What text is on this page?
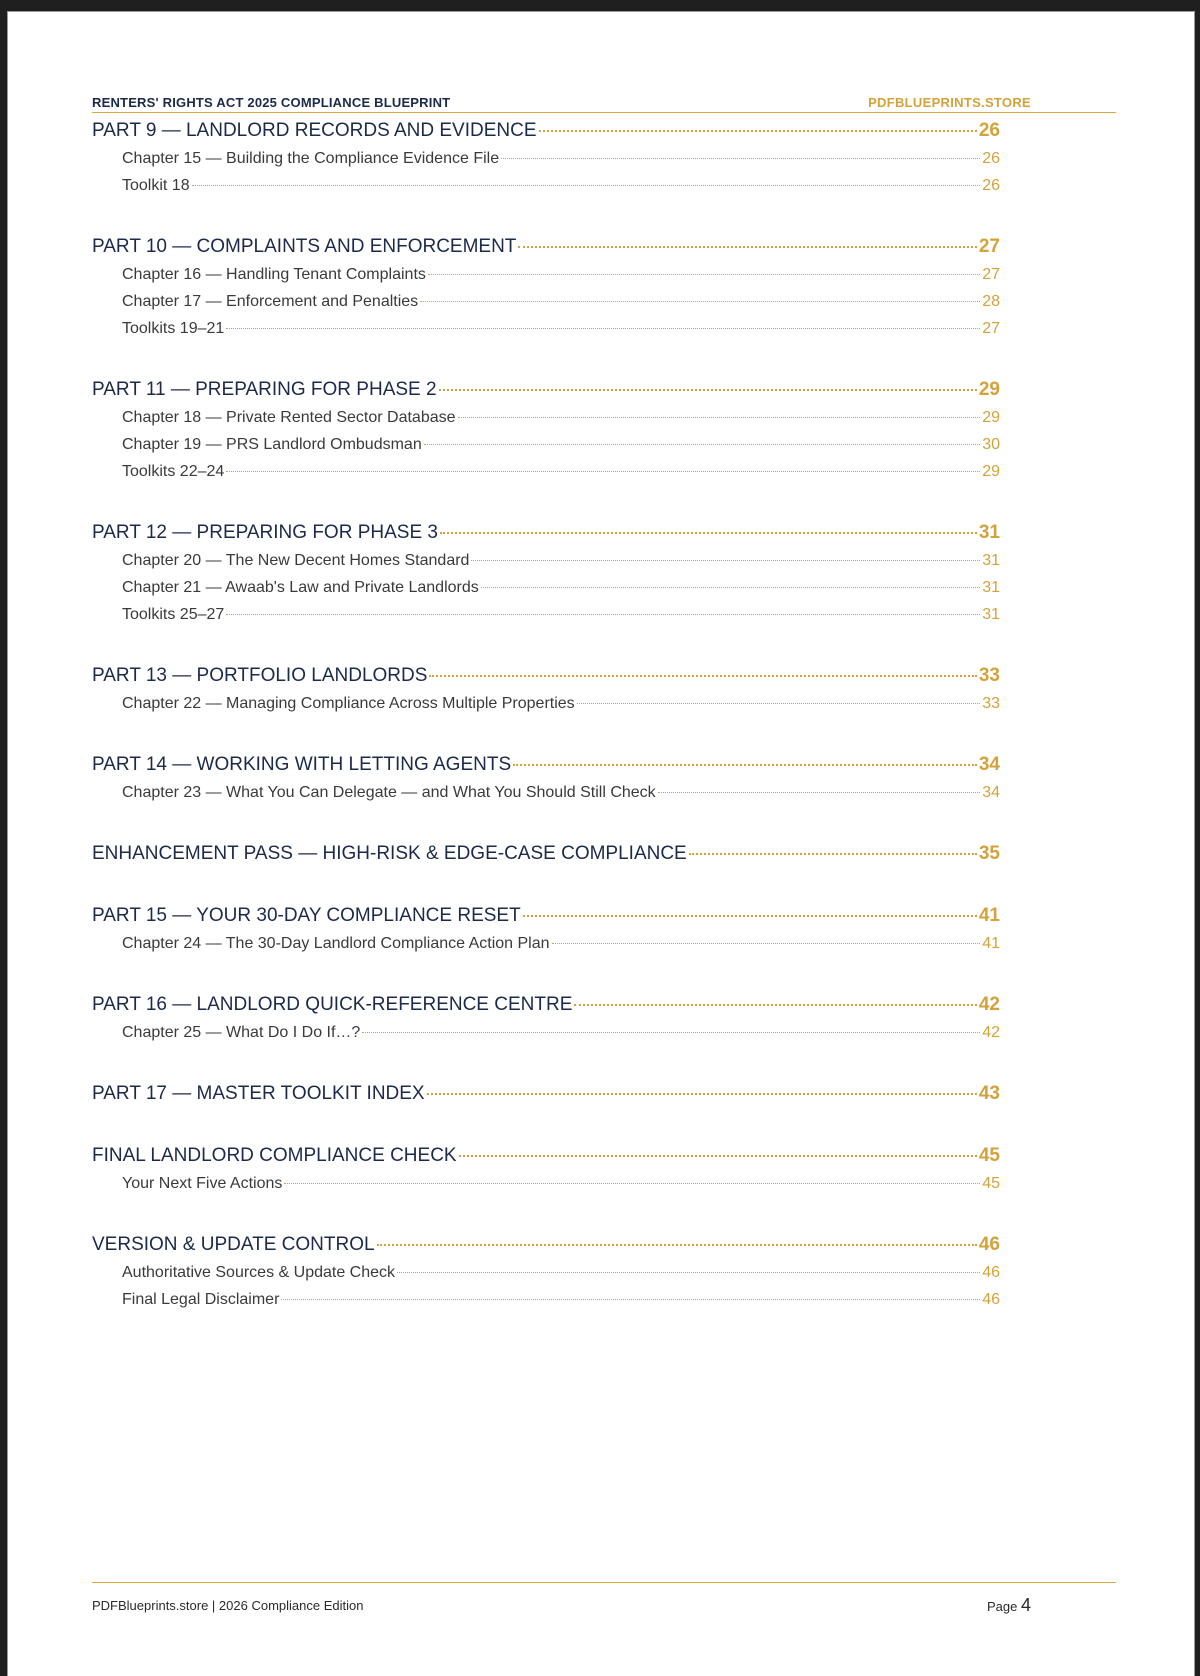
RENTERS' RIGHTS ACT 2025 COMPLIANCE BLUEPRINT	PDFBLUEPRINTS.STORE
PART 9 — LANDLORD RECORDS AND EVIDENCE	26
Chapter 15 — Building the Compliance Evidence File	26
Toolkit 18	26
PART 10 — COMPLAINTS AND ENFORCEMENT	27
Chapter 16 — Handling Tenant Complaints	27
Chapter 17 — Enforcement and Penalties	28
Toolkits 19–21	27
PART 11 — PREPARING FOR PHASE 2	29
Chapter 18 — Private Rented Sector Database	29
Chapter 19 — PRS Landlord Ombudsman	30
Toolkits 22–24	29
PART 12 — PREPARING FOR PHASE 3	31
Chapter 20 — The New Decent Homes Standard	31
Chapter 21 — Awaab's Law and Private Landlords	31
Toolkits 25–27	31
PART 13 — PORTFOLIO LANDLORDS	33
Chapter 22 — Managing Compliance Across Multiple Properties	33
PART 14 — WORKING WITH LETTING AGENTS	34
Chapter 23 — What You Can Delegate — and What You Should Still Check	34
ENHANCEMENT PASS — HIGH-RISK & EDGE-CASE COMPLIANCE	35
PART 15 — YOUR 30-DAY COMPLIANCE RESET	41
Chapter 24 — The 30-Day Landlord Compliance Action Plan	41
PART 16 — LANDLORD QUICK-REFERENCE CENTRE	42
Chapter 25 — What Do I Do If…?	42
PART 17 — MASTER TOOLKIT INDEX	43
FINAL LANDLORD COMPLIANCE CHECK	45
Your Next Five Actions	45
VERSION & UPDATE CONTROL	46
Authoritative Sources & Update Check	46
Final Legal Disclaimer	46
PDFBlueprints.store | 2026 Compliance Edition	Page 4
